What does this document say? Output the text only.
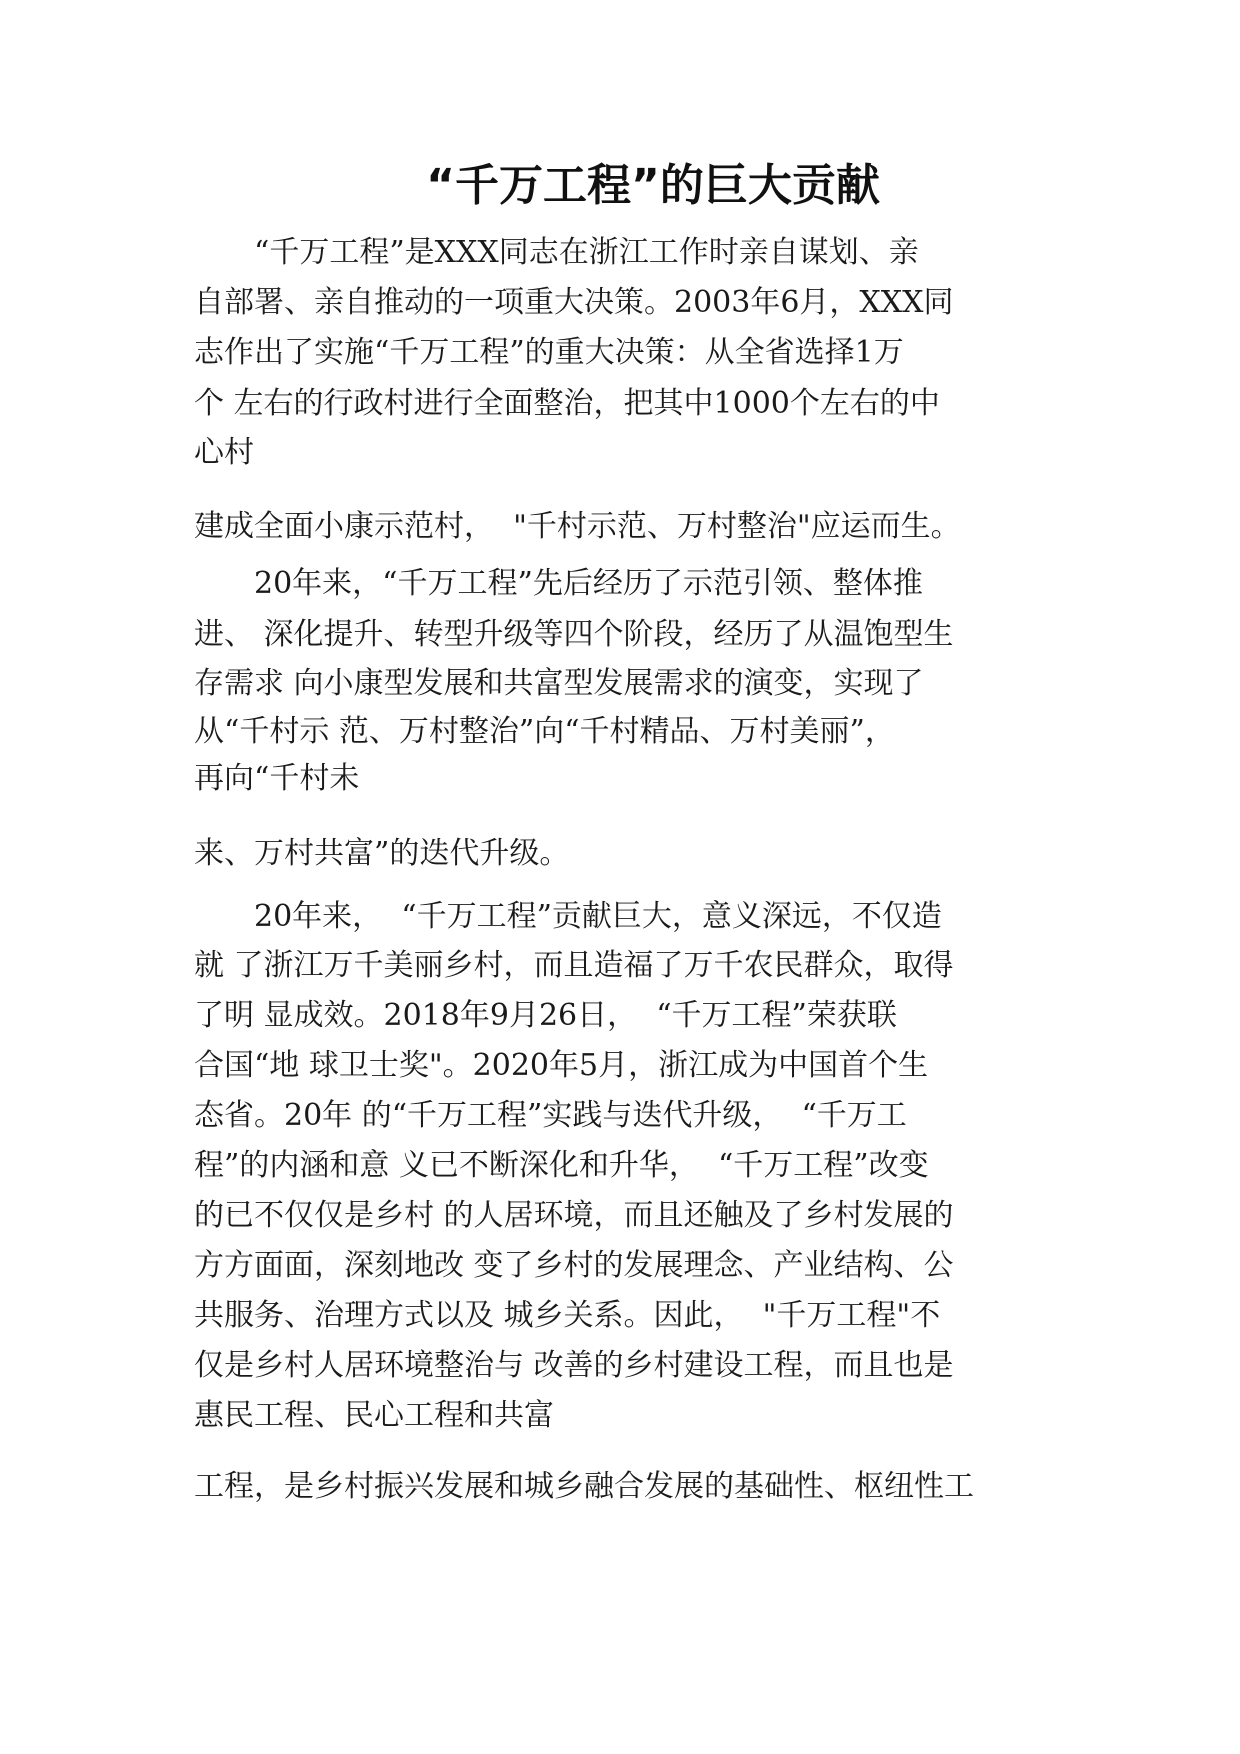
“千万工程”的巨大贡献
“千万工程”是XXX同志在浙江工作时亲自谋划、亲
自部署、亲自推动的一项重大决策。2003年6月，XXX同
志作出了实施“千万工程”的重大决策：从全省选择1万
个 左右的行政村进行全面整治，把其中1000个左右的中
心村
建成全面小康示范村，  "千村示范、万村整治"应运而生。
20年来，“千万工程”先后经历了示范引领、整体推
进、 深化提升、转型升级等四个阶段，经历了从温饱型生
存需求 向小康型发展和共富型发展需求的演变，实现了
从“千村示 范、万村整治”向“千村精品、万村美丽”，
再向“千村未
来、万村共富”的迭代升级。
20年来，  “千万工程”贡献巨大，意义深远，不仅造
就 了浙江万千美丽乡村，而且造福了万千农民群众，取得
了明 显成效。2018年9月26日，  “千万工程”荣获联
合国“地 球卫士奖"。2020年5月，浙江成为中国首个生
态省。20年 的“千万工程”实践与迭代升级，  “千万工
程”的内涵和意 义已不断深化和升华，  “千万工程”改变
的已不仅仅是乡村 的人居环境，而且还触及了乡村发展的
方方面面，深刻地改 变了乡村的发展理念、产业结构、公
共服务、治理方式以及 城乡关系。因此，  "千万工程"不
仅是乡村人居环境整治与 改善的乡村建设工程，而且也是
惠民工程、民心工程和共富
工程，是乡村振兴发展和城乡融合发展的基础性、枢纽性工
